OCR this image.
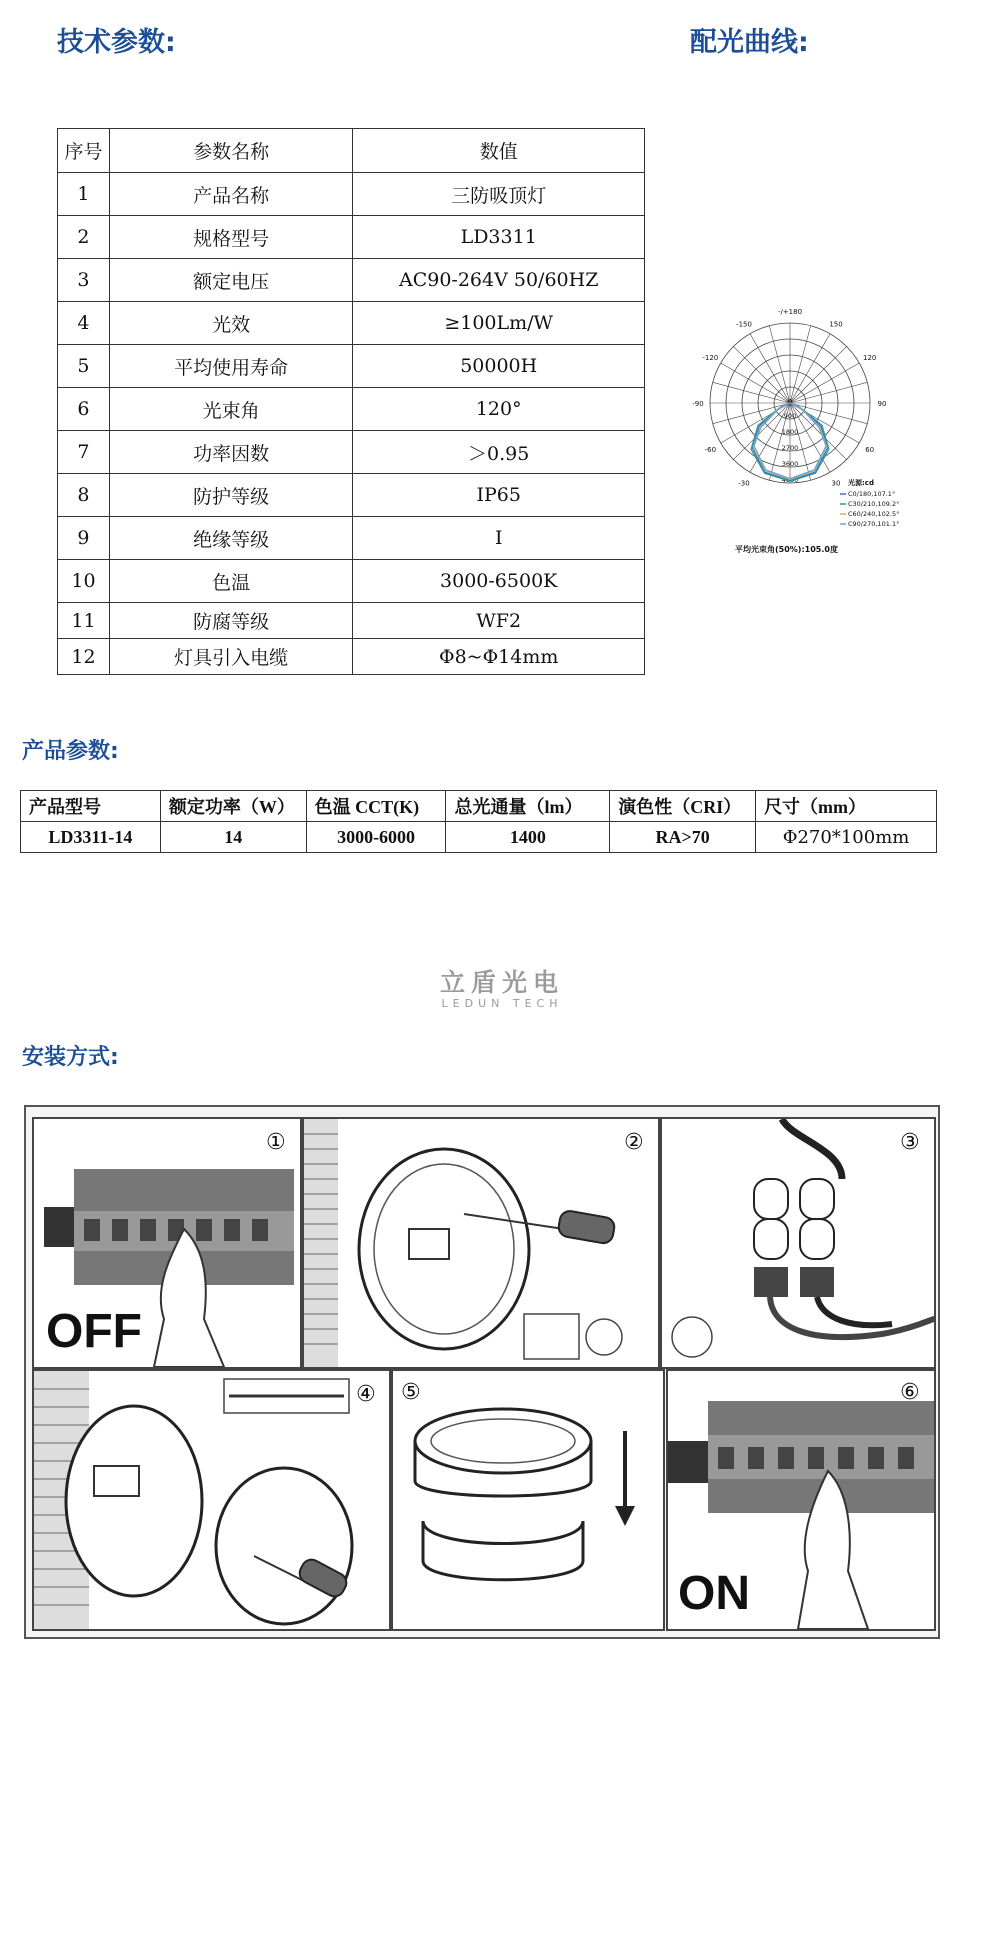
技术参数:	配光曲线:
序号	参数名称	数值
1	产品名称	三防吸顶灯
2	规格型号	LD3311
3	额定电压	AC90-264V 50/60HZ
4	光效	≥100Lm/W
5	平均使用寿命	50000H
6	光束角	120°
7	功率因数	＞0.95
8	防护等级	IP65
9	绝缘等级	Ⅰ
10	色温	3000-6500K
11	防腐等级	WF2
12	灯具引入电缆	Φ8~Φ14mm
-/+180
150
120
90
60
30
0
-30
-60
-90
-120
-150
900
1800
2700
3600
4500	光源:cd
C0/180,107.1°
C30/210,109.2°
C60/240,102.5°
C90/270,101.1°
平均光束角(50%):105.0度
产品参数:
产品型号	额定功率（W）	色温 CCT(K)	总光通量（lm）	演色性（CRI）	尺寸（mm）
LD3311-14	14	3000-6000	1400	RA>70	Φ270*100mm
立盾光电
LEDUN TECH
安装方式:
OFF
①	②	③
④ ⑤
ON
⑥
